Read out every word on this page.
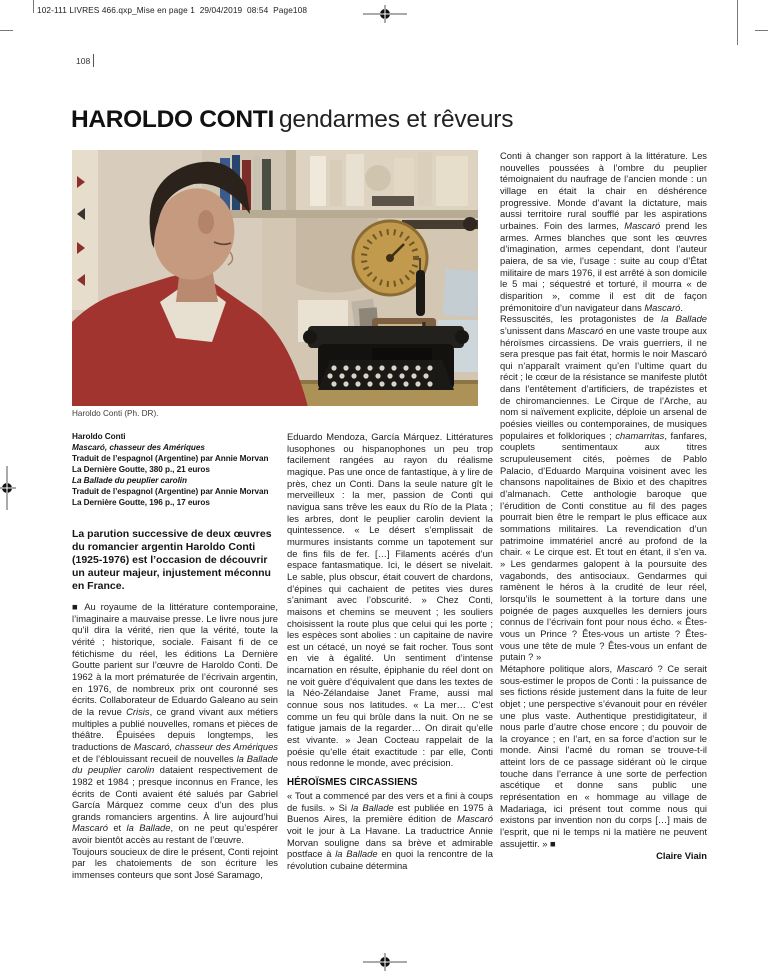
102-111 LIVRES 466.qxp_Mise en page 1  29/04/2019  08:54  Page108
108
HAROLDO CONTI gendarmes et rêveurs
Haroldo Conti (Ph. DR).
Haroldo Conti
Mascaró, chasseur des Amériques
Traduit de l’espagnol (Argentine) par Annie Morvan
La Dernière Goutte, 380 p., 21 euros
La Ballade du peuplier carolin
Traduit de l’espagnol (Argentine) par Annie Morvan
La Dernière Goutte, 196 p., 17 euros

La parution successive de deux œuvres du romancier argentin Haroldo Conti (1925-1976) est l’occasion de découvrir un auteur majeur, injustement méconnu en France.

■ Au royaume de la littérature contemporaine, l’imaginaire a mauvaise presse. Le livre nous jure qu’il dira la vérité, rien que la vérité, toute la vérité ; historique, sociale. Faisant fi de ce fétichisme du réel, les éditions La Dernière Goutte parient sur l’œuvre de Haroldo Conti. De 1962 à la mort prématurée de l’écrivain argentin, en 1976, de nombreux prix ont couronné ses écrits. Collaborateur de Eduardo Galeano au sein de la revue Crisis, ce grand vivant aux métiers multiples a publié nouvelles, romans et pièces de théâtre. Épuisées depuis longtemps, les traductions de Mascaró, chasseur des Amériques et de l’éblouissant recueil de nouvelles la Ballade du peuplier carolin dataient respectivement de 1982 et 1984 ; presque inconnus en France, les écrits de Conti avaient été salués par Gabriel García Márquez comme ceux d’un des plus grands romanciers argentins. À lire aujourd’hui Mascaró et la Ballade, on ne peut qu’espérer avoir bientôt accès au restant de l’œuvre.

Toujours soucieux de dire le présent, Conti rejoint par les chatoiements de son écriture les immenses conteurs que sont José Saramago,

Eduardo Mendoza, García Márquez. Littératures lusophones ou hispanophones un peu trop facilement rangées au rayon du réalisme magique. Pas une once de fantastique, à y lire de près, chez un Conti. Dans la seule nature gît le merveilleux : la mer, passion de Conti qui navigua sans trêve les eaux du Río de la Plata ; les arbres, dont le peuplier carolin devient la quintessence. « Le désert s’emplissait de murmures insistants comme un tapotement sur de fins fils de fer. […] Filaments acérés d’un espace fantasmatique. Ici, le désert se nivelait. Le sable, plus obscur, était couvert de chardons, d’épines qui cachaient de petites vies dures s’animant avec l’obscurité. » Chez Conti, maisons et chemins se meuvent ; les souliers choisissent la route plus que celui qui les porte ; les espèces sont abolies : un capitaine de navire est un cétacé, un noyé se fait rocher. Tous sont en vie à égalité. Un sentiment d’intense incarnation en résulte, épiphanie du réel dont on ne voit guère d’équivalent que dans les textes de la Néo-Zélandaise Janet Frame, aussi mal connue sous nos latitudes. « La mer… C’est comme un feu qui brûle dans la nuit. On ne se fatigue jamais de la regarder… On dirait qu’elle est vivante. » Jean Cocteau rappelait de la poésie qu’elle était exactitude : par elle, Conti nous redonne le monde, avec précision.

HÉROÏSMES CIRCASSIENS

« Tout a commencé par des vers et a fini à coups de fusils. » Si la Ballade est publiée en 1975 à Buenos Aires, la première édition de Mascaró voit le jour à La Havane. La traductrice Annie Morvan souligne dans sa brève et admirable postface à la Ballade en quoi la rencontre de la révolution cubaine détermina

Conti à changer son rapport à la littérature. Les nouvelles poussées à l’ombre du peuplier témoignaient du naufrage de l’ancien monde : un village en était la chair en déshérence progressive. Monde d’avant la dictature, mais aussi territoire rural soufflé par les aspirations urbaines. Foin des larmes, Mascaró prend les armes. Armes blanches que sont les œuvres d’imagination, armes cependant, dont l’auteur paiera, de sa vie, l’usage : suite au coup d’État militaire de mars 1976, il est arrêté à son domicile le 5 mai ; séquestré et torturé, il mourra « de disparition », comme il est dit de façon prémonitoire d’un navigateur dans Mascaró.

Ressuscités, les protagonistes de la Ballade s’unissent dans Mascaró en une vaste troupe aux héroïsmes circassiens. De vrais guerriers, il ne sera presque pas fait état, hormis le noir Mascaró qui n’apparaît vraiment qu’en l’ultime quart du récit ; le cœur de la résistance se manifeste plutôt dans l’entêtement d’artificiers, de trapézistes et de chiromanciennes. Le Cirque de l’Arche, au nom si naïvement explicite, déploie un arsenal de poésies vieilles ou contemporaines, de musiques populaires et folkloriques ; chamarritas, fanfares, couplets sentimentaux aux titres scrupuleusement cités, poèmes de Pablo Palacio, d’Eduardo Marquina voisinent avec les chansons napolitaines de Bixio et des chapitres d’almanach. Cette anthologie baroque que l’érudition de Conti constitue au fil des pages pourrait bien être le rempart le plus efficace aux sommations militaires. La revendication d’un patrimoine immatériel ancré au profond de la chair. « Le cirque est. Et tout en étant, il s’en va. » Les gendarmes galopent à la poursuite des vagabonds, des antisociaux. Gendarmes qui ramènent le héros à la crudité de leur réel, lorsqu’ils le soumettent à la torture dans une poignée de pages auxquelles les derniers jours connus de l’écrivain font pour nous écho. « Êtes-vous un Prince ? Êtes-vous un artiste ? Êtes-vous une tête de mule ? Êtes-vous un enfant de putain ? »

Métaphore politique alors, Mascaró ? Ce serait sous-estimer le propos de Conti : la puissance de ses fictions réside justement dans la fuite de leur objet ; une perspective s’évanouit pour en révéler une plus vaste. Authentique prestidigitateur, il nous parle d’autre chose encore ; du pouvoir de la croyance ; en l’art, en sa force d’action sur le monde. Ainsi l’acmé du roman se trouve-t-il atteint lors de ce passage sidérant où le cirque touche dans l’errance à une sorte de perfection ascétique et donne sans public une représentation en « hommage au village de Madariaga, ici présent tout comme nous qui existons par invention non du corps […] mais de l’esprit, que ni le temps ni la matière ne peuvent assujettir. » ■

Claire Viain
